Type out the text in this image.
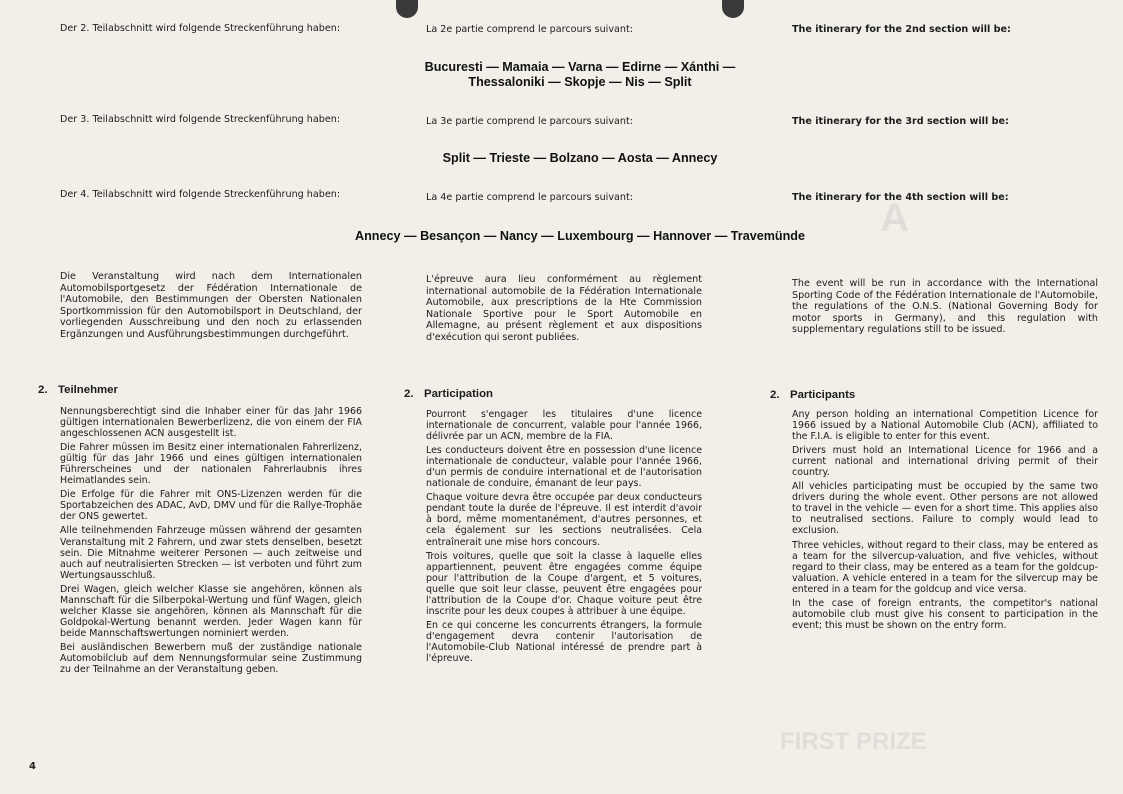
A
FIRST PRIZE
Der 2. Teilabschnitt wird folgende Streckenführung haben:	La 2e partie comprend le parcours suivant:	The itinerary for the 2nd section will be:
Bucuresti — Mamaia — Varna — Edirne — Xánthi —
Thessaloniki — Skopje — Nis — Split
Der 3. Teilabschnitt wird folgende Streckenführung haben:	La 3e partie comprend le parcours suivant:	The itinerary for the 3rd section will be:
Split — Trieste — Bolzano — Aosta — Annecy
Der 4. Teilabschnitt wird folgende Streckenführung haben:	La 4e partie comprend le parcours suivant:	The itinerary for the 4th section will be:
Annecy — Besançon — Nancy — Luxembourg — Hannover — Travemünde
Die Veranstaltung wird nach dem Internationalen Automobilsportgesetz der Fédération Internationale de l'Automobile, den Bestimmungen der Obersten Nationalen Sportkommission für den Automobilsport in Deutschland, der vorliegenden Ausschreibung und den noch zu erlassenden Ergänzungen und Ausführungsbestimmungen durchgeführt.
L'épreuve aura lieu conformément au règlement international automobile de la Fédération Internationale Automobile, aux prescriptions de la Hte Commission Nationale Sportive pour le Sport Automobile en Allemagne, au présent règlement et aux dispositions d'exécution qui seront publiées.
The event will be run in accordance with the International Sporting Code of the Fédération Internationale de l'Automobile, the regulations of the O.N.S. (National Governing Body for motor sports in Germany), and this regulation with supplementary regulations still to be issued.
2. Teilnehmer	2. Participation	2. Participants

Nennungsberechtigt sind die Inhaber einer für das Jahr 1966 gültigen internationalen Bewerberlizenz, die von einem der FIA angeschlossenen ACN ausgestellt ist.

Die Fahrer müssen im Besitz einer internationalen Fahrerlizenz, gültig für das Jahr 1966 und eines gültigen internationalen Führerscheines und der nationalen Fahrerlaubnis ihres Heimatlandes sein.

Die Erfolge für die Fahrer mit ONS-Lizenzen werden für die Sportabzeichen des ADAC, AvD, DMV und für die Rallye-Trophäe der ONS gewertet.

Alle teilnehmenden Fahrzeuge müssen während der gesamten Veranstaltung mit 2 Fahrern, und zwar stets denselben, besetzt sein. Die Mitnahme weiterer Personen — auch zeitweise und auch auf neutralisierten Strecken — ist verboten und führt zum Wertungsausschluß.

Drei Wagen, gleich welcher Klasse sie angehören, können als Mannschaft für die Silberpokal-Wertung und fünf Wagen, gleich welcher Klasse sie angehören, können als Mannschaft für die Goldpokal-Wertung benannt werden. Jeder Wagen kann für beide Mannschaftswertungen nominiert werden.

Bei ausländischen Bewerbern muß der zuständige nationale Automobilclub auf dem Nennungsformular seine Zustimmung zu der Teilnahme an der Veranstaltung geben.

Pourront s'engager les titulaires d'une licence internationale de concurrent, valable pour l'année 1966, délivrée par un ACN, membre de la FIA.

Les conducteurs doivent être en possession d'une licence internationale de conducteur, valable pour l'année 1966, d'un permis de conduire international et de l'autorisation nationale de conduire, émanant de leur pays.

Chaque voiture devra être occupée par deux conducteurs pendant toute la durée de l'épreuve. Il est interdit d'avoir à bord, même momentanément, d'autres personnes, et cela également sur les sections neutralisées. Cela entraînerait une mise hors concours.

Trois voitures, quelle que soit la classe à laquelle elles appartiennent, peuvent être engagées comme équipe pour l'attribution de la Coupe d'argent, et 5 voitures, quelle que soit leur classe, peuvent être engagées pour l'attribution de la Coupe d'or. Chaque voiture peut être inscrite pour les deux coupes à attribuer à une équipe.

En ce qui concerne les concurrents étrangers, la formule d'engagement devra contenir l'autorisation de l'Automobile-Club National intéressé de prendre part à l'épreuve.

Any person holding an international Competition Licence for 1966 issued by a National Automobile Club (ACN), affiliated to the F.I.A. is eligible to enter for this event.

Drivers must hold an International Licence for 1966 and a current national and international driving permit of their country.

All vehicles participating must be occupied by the same two drivers during the whole event. Other persons are not allowed to travel in the vehicle — even for a short time. This applies also to neutralised sections. Failure to comply would lead to exclusion.

Three vehicles, without regard to their class, may be entered as a team for the silvercup-valuation, and five vehicles, without regard to their class, may be entered as a team for the goldcup-valuation. A vehicle entered in a team for the silvercup may be entered in a team for the goldcup and vice versa.

In the case of foreign entrants, the competitor's national automobile club must give his consent to participation in the event; this must be shown on the entry form.

4
